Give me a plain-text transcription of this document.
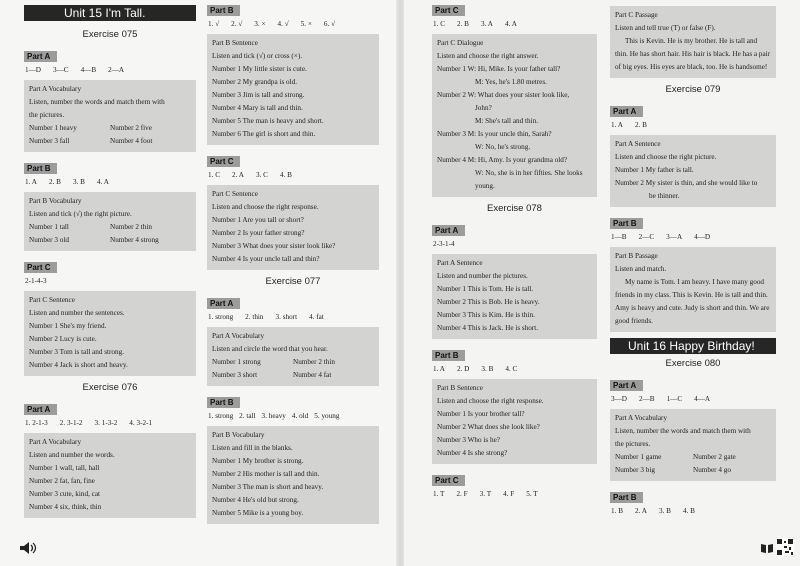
Unit 15 I'm Tall.
Exercise 075
Part A
1—D 3—C 4—B 2—A
Part A Vocabulary
Listen, number the words and match them with
the pictures.
Number 1 heavy	Number 2 five
Number 3 fall	Number 4 foot
Part B
1. A 2. B 3. B 4. A
Part B Vocabulary
Listen and tick (√) the right picture.
Number 1 tall	Number 2 thin
Number 3 old	Number 4 strong
Part C
2-1-4-3
Part C Sentence
Listen and number the sentences.
Number 1 She's my friend.
Number 2 Lucy is cute.
Number 3 Tom is tall and strong.
Number 4 Jack is short and heavy.
Exercise 076
Part A
1. 2-1-3 2. 3-1-2 3. 1-3-2 4. 3-2-1
Part A Vocabulary
Listen and number the words.
Number 1 wall, tall, hall
Number 2 fat, fan, fine
Number 3 cute, kind, cat
Number 4 six, think, thin
Part B
1. √ 2. √ 3. × 4. √ 5. × 6. √
Part B Sentence
Listen and tick (√) or cross (×).
Number 1 My little sister is cute.
Number 2 My grandpa is old.
Number 3 Jim is tall and strong.
Number 4 Mary is tall and thin.
Number 5 The man is heavy and short.
Number 6 The girl is short and thin.
Part C
1. C 2. A 3. C 4. B
Part C Sentence
Listen and choose the right response.
Number 1 Are you tall or short?
Number 2 Is your father strong?
Number 3 What does your sister look like?
Number 4 Is your uncle tall and thin?
Exercise 077
Part A
1. strong 2. thin 3. short 4. fat
Part A Vocabulary
Listen and circle the word that you hear.
Number 1 strong	Number 2 thin
Number 3 short	Number 4 fat
Part B
1. strong 2. tall 3. heavy 4. old 5. young
Part B Vocabulary
Listen and fill in the blanks.
Number 1 My brother is strong.
Number 2 His mother is tall and thin.
Number 3 The man is short and heavy.
Number 4 He's old but strong.
Number 5 Mike is a young boy.
Part C
1. C 2. B 3. A 4. A
Part C Dialogue
Listen and choose the right answer.
Number 1 W: Hi, Mike. Is your father tall?
M: Yes, he's 1.80 metres.
Number 2 W: What does your sister look like,
John?
M: She's tall and thin.
Number 3 M: Is your uncle thin, Sarah?
W: No, he's strong.
Number 4 M: Hi, Amy. Is your grandma old?
W: No, she is in her fifties. She looks
young.
Exercise 078
Part A
2-3-1-4
Part A Sentence
Listen and number the pictures.
Number 1 This is Tom. He is tall.
Number 2 This is Bob. He is heavy.
Number 3 This is Kim. He is thin.
Number 4 This is Jack. He is short.
Part B
1. A 2. D 3. B 4. C
Part B Sentence
Listen and choose the right response.
Number 1 Is your brother tall?
Number 2 What does she look like?
Number 3 Who is he?
Number 4 Is she strong?
Part C
1. T 2. F 3. T 4. F 5. T
Part C Passage
Listen and tell true (T) or false (F).
This is Kevin. He is my brother. He is tall and thin. He has short hair. His hair is black. He has a pair of big eyes. His eyes are black, too. He is handsome!
Exercise 079
Part A
1. A 2. B
Part A Sentence
Listen and choose the right picture.
Number 1 My father is tall.
Number 2 My sister is thin, and she would like to
be thinner.
Part B
1—B 2—C 3—A 4—D
Part B Passage
Listen and match.
My name is Tom. I am heavy. I have many good friends in my class. This is Kevin. He is tall and thin. Amy is heavy and cute. Judy is short and thin. We are good friends.
Unit 16 Happy Birthday!
Exercise 080
Part A
3—D 2—B 1—C 4—A
Part A Vocabulary
Listen, number the words and match them with
the pictures.
Number 1 game	Number 2 gate
Number 3 big	Number 4 go
Part B
1. B 2. A 3. B 4. B
